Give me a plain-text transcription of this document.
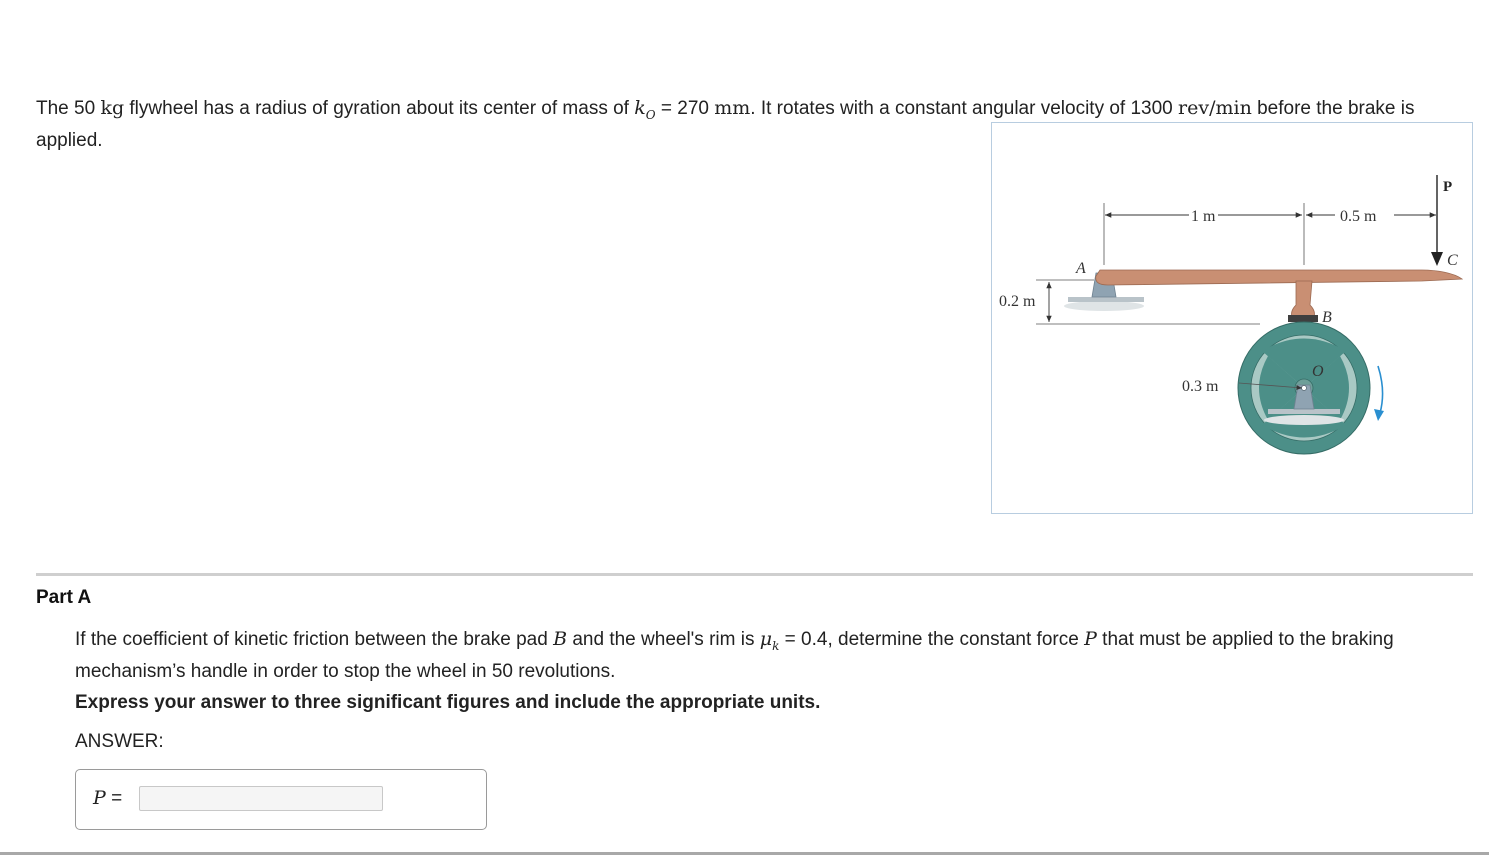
The 50 kg flywheel has a radius of gyration about its center of mass of $k_O = 270$ mm. It rotates with a constant angular velocity of 1300 rev/min before the brake is applied.
1 m	0.5 m
0.2 m
A
B
P
C
O
0.3 m
Part A
If the coefficient of kinetic friction between the brake pad B and the wheel's rim is $\mu_k = 0.4$, determine the constant force P that must be applied to the braking mechanism’s handle in order to stop the wheel in 50 revolutions.
Express your answer to three significant figures and include the appropriate units.
ANSWER:
P =
